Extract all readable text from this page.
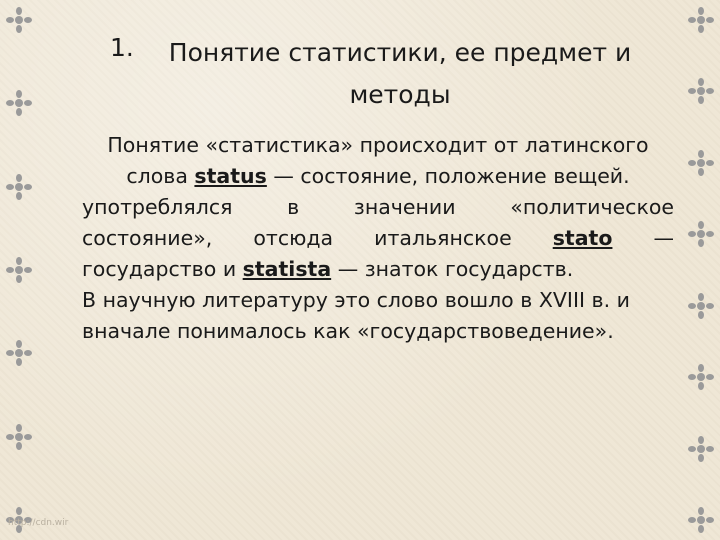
1.	Понятие статистики, ее предмет и
методы

Понятие «статистика» происходит от латинского
слова status — состояние, положение вещей.

употреблялся в значении «политическое
состояние», отсюда итальянское stato —
государство и statista — знаток государств.

В научную литературу это слово вошло в XVIII в. и
вначале понималось как «государствоведение».

http://cdn.wir
